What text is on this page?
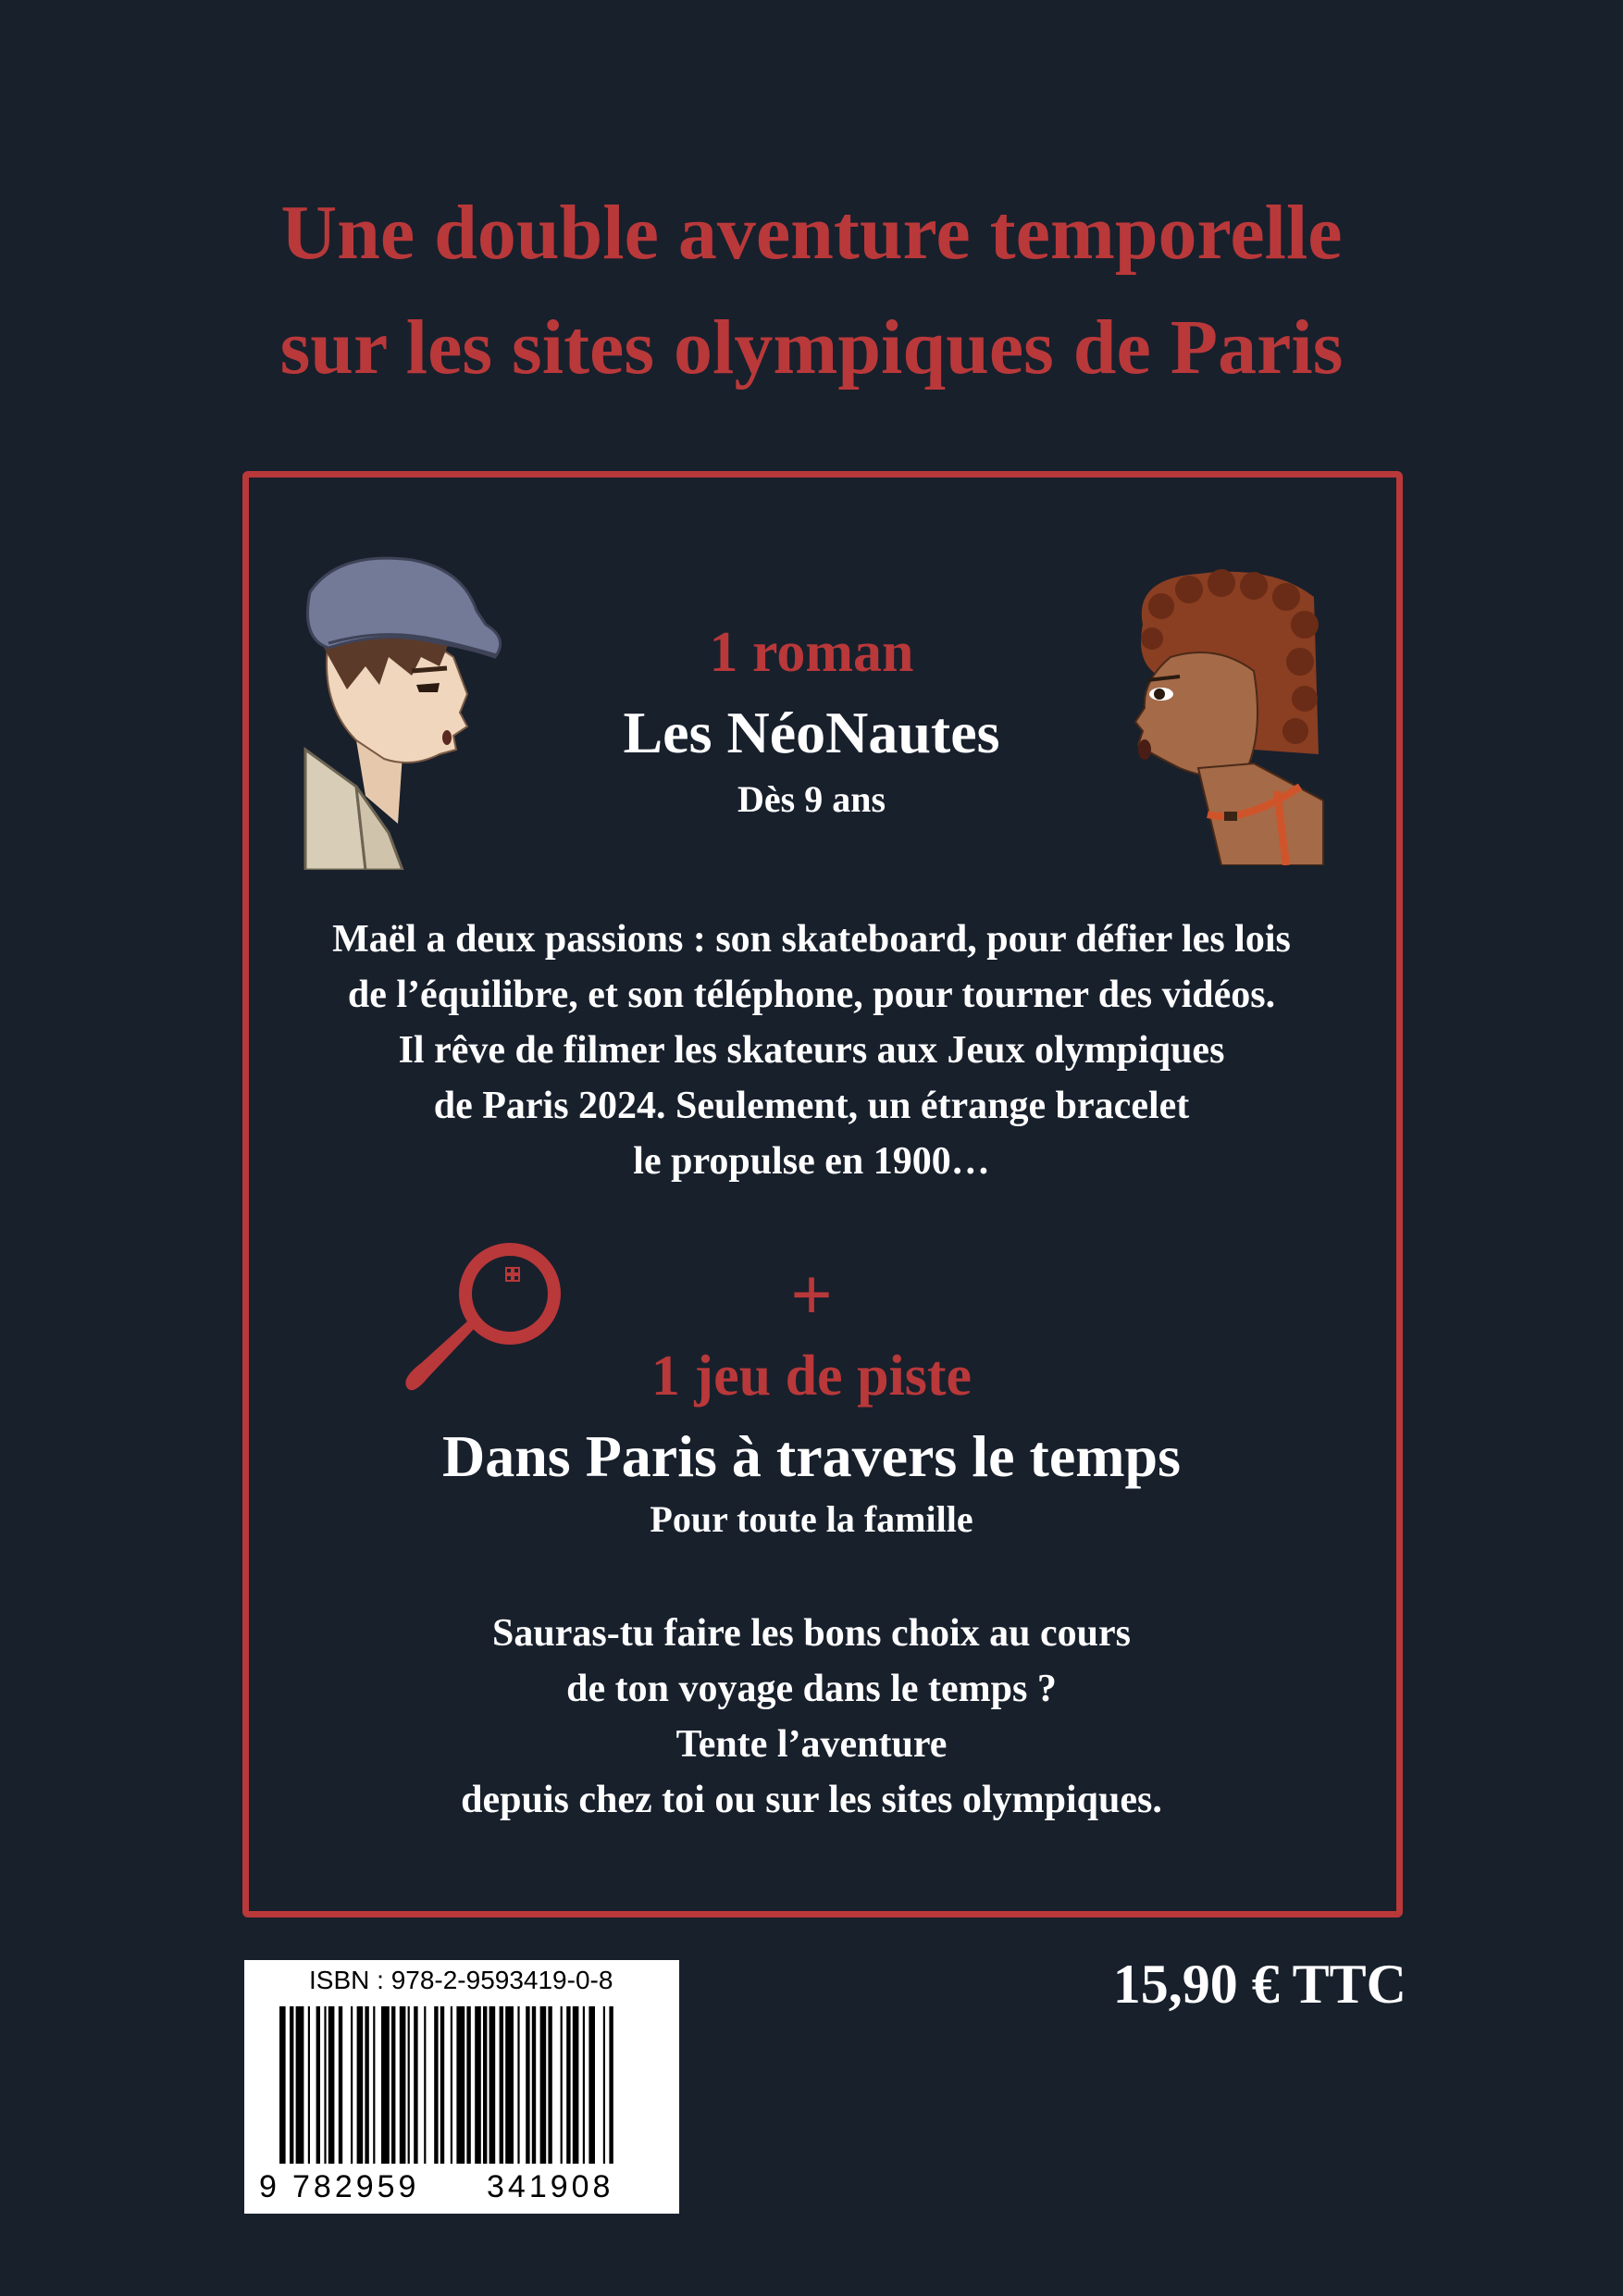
Une double aventure temporelle
sur les sites olympiques de Paris
1 roman
Les NéoNautes
Dès 9 ans
Maël a deux passions : son skateboard, pour défier les lois
de l’équilibre, et son téléphone, pour tourner des vidéos.
Il rêve de filmer les skateurs aux Jeux olympiques
de Paris 2024. Seulement, un étrange bracelet
le propulse en 1900…
+
1 jeu de piste
Dans Paris à travers le temps
Pour toute la famille
Sauras-tu faire les bons choix au cours
de ton voyage dans le temps ?
Tente l’aventure
depuis chez toi ou sur les sites olympiques.
ISBN : 978-2-9593419-0-8
9 782959 341908
15,90 € TTC
